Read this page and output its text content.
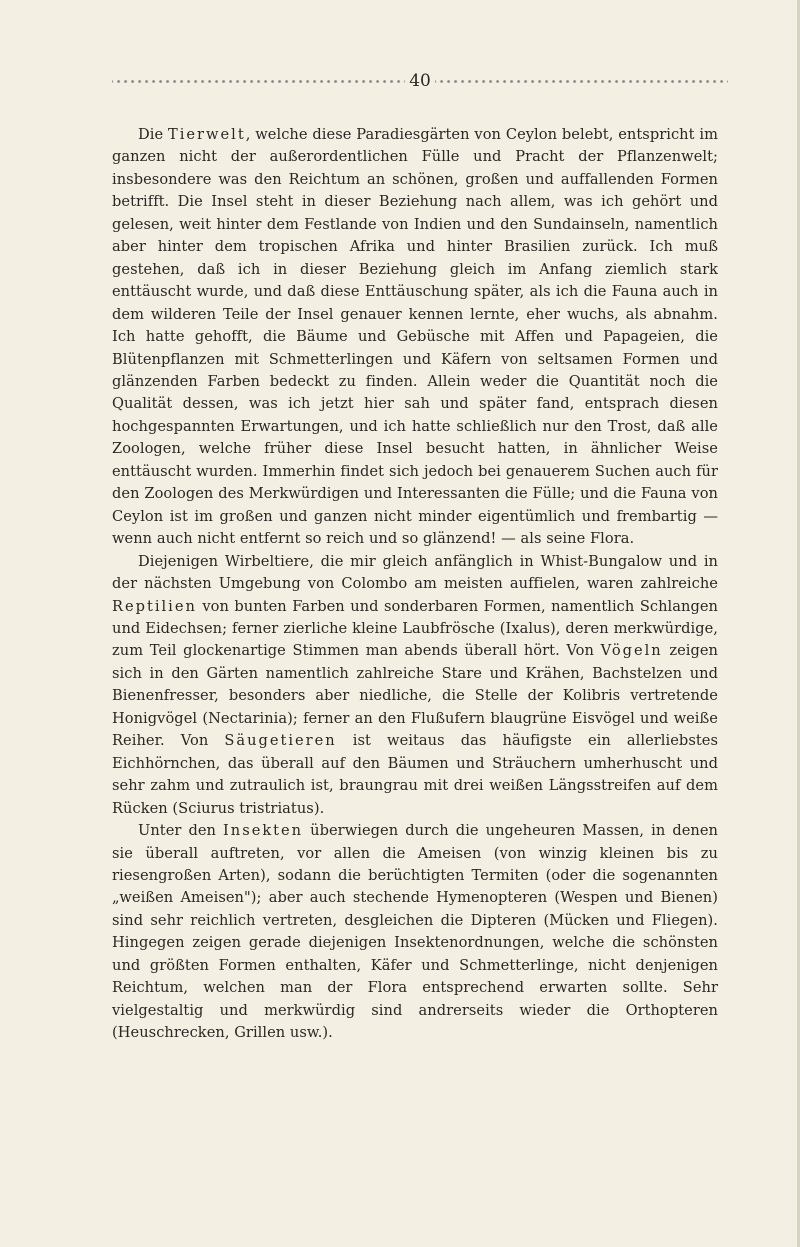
40

Die Tierwelt, welche diese Paradiesgärten von Ceylon belebt, entspricht im ganzen nicht der außerordentlichen Fülle und Pracht der Pflanzenwelt; insbesondere was den Reichtum an schönen, großen und auffallenden Formen betrifft. Die Insel steht in dieser Beziehung nach allem, was ich gehört und gelesen, weit hinter dem Festlande von Indien und den Sundainseln, namentlich aber hinter dem tropischen Afrika und hinter Brasilien zurück. Ich muß gestehen, daß ich in dieser Beziehung gleich im Anfang ziemlich stark enttäuscht wurde, und daß diese Enttäuschung später, als ich die Fauna auch in dem wilderen Teile der Insel genauer kennen lernte, eher wuchs, als abnahm. Ich hatte gehofft, die Bäume und Gebüsche mit Affen und Papageien, die Blütenpflanzen mit Schmetterlingen und Käfern von seltsamen Formen und glänzenden Farben bedeckt zu finden. Allein weder die Quantität noch die Qualität dessen, was ich jetzt hier sah und später fand, entsprach diesen hochgespannten Erwartungen, und ich hatte schließlich nur den Trost, daß alle Zoologen, welche früher diese Insel besucht hatten, in ähnlicher Weise enttäuscht wurden. Immerhin findet sich jedoch bei genauerem Suchen auch für den Zoologen des Merkwürdigen und Interessanten die Fülle; und die Fauna von Ceylon ist im großen und ganzen nicht minder eigentümlich und frembartig — wenn auch nicht entfernt so reich und so glänzend! — als seine Flora.

Diejenigen Wirbeltiere, die mir gleich anfänglich in Whist-Bungalow und in der nächsten Umgebung von Colombo am meisten auffielen, waren zahlreiche Reptilien von bunten Farben und sonderbaren Formen, namentlich Schlangen und Eidechsen; ferner zierliche kleine Laubfrösche (Ixalus), deren merkwürdige, zum Teil glockenartige Stimmen man abends überall hört. Von Vögeln zeigen sich in den Gärten namentlich zahlreiche Stare und Krähen, Bachstelzen und Bienenfresser, besonders aber niedliche, die Stelle der Kolibris vertretende Honigvögel (Nectarinia); ferner an den Flußufern blaugrüne Eisvögel und weiße Reiher. Von Säugetieren ist weitaus das häufigste ein allerliebstes Eichhörnchen, das überall auf den Bäumen und Sträuchern umherhuscht und sehr zahm und zutraulich ist, braungrau mit drei weißen Längsstreifen auf dem Rücken (Sciurus tristriatus).

Unter den Insekten überwiegen durch die ungeheuren Massen, in denen sie überall auftreten, vor allen die Ameisen (von winzig kleinen bis zu riesengroßen Arten), sodann die berüchtigten Termiten (oder die sogenannten „weißen Ameisen"); aber auch stechende Hymenopteren (Wespen und Bienen) sind sehr reichlich vertreten, desgleichen die Dipteren (Mücken und Fliegen). Hingegen zeigen gerade diejenigen Insektenordnungen, welche die schönsten und größten Formen enthalten, Käfer und Schmetterlinge, nicht denjenigen Reichtum, welchen man der Flora entsprechend erwarten sollte. Sehr vielgestaltig und merkwürdig sind andrerseits wieder die Orthopteren (Heuschrecken, Grillen usw.).
